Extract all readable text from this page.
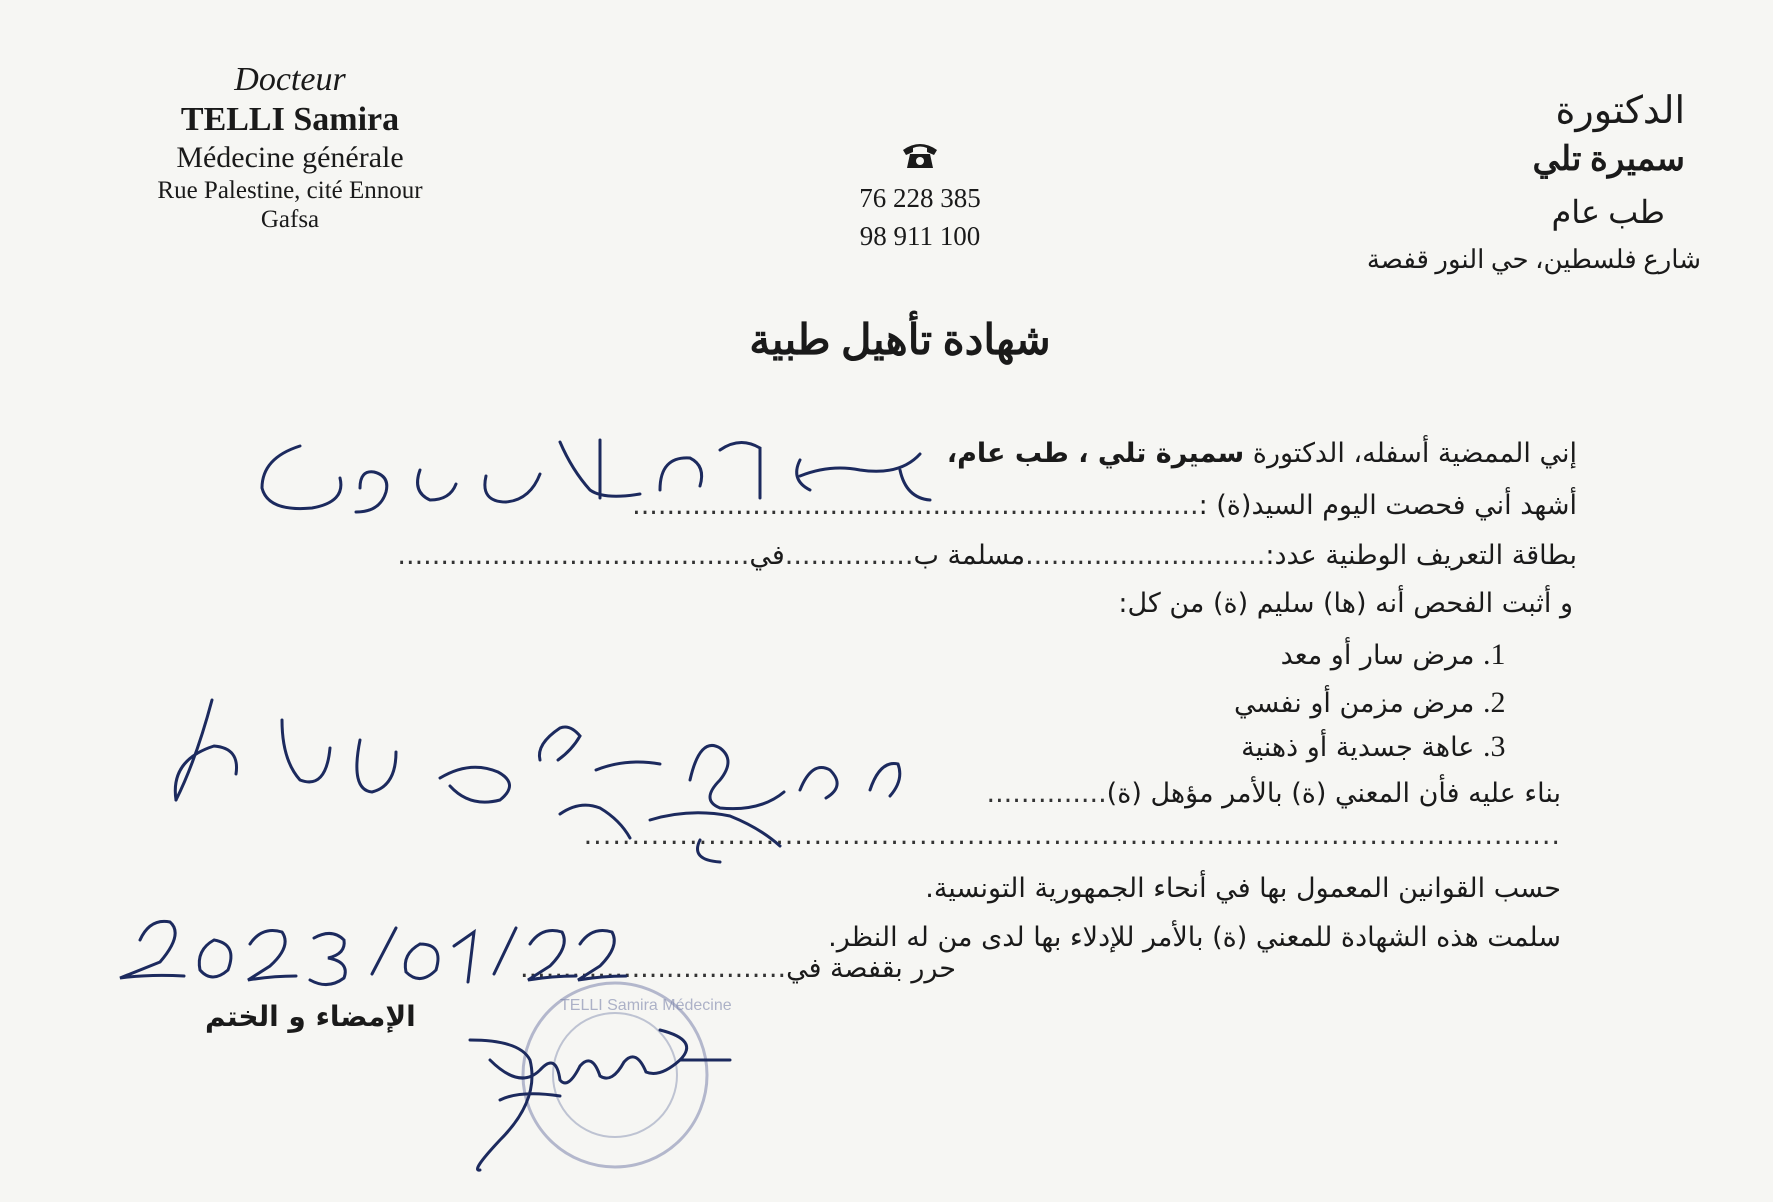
Docteur
TELLI Samira
Médecine générale
Rue Palestine, cité Ennour
Gafsa
76 228 385
98 911 100
الدكتورة
سميرة تلي
طب عام
شارع فلسطين، حي النور قفصة
شهادة تأهيل طبية
إني الممضية أسفله، الدكتورة سميرة تلي ، طب عام،
أشهد أني فحصت اليوم السيد(ة) :..................................................................
بطاقة التعريف الوطنية عدد:............................مسلمة ب...............في.........................................
و أثبت الفحص أنه (ها) سليم (ة) من كل:
1. مرض سار أو معد
2. مرض مزمن أو نفسي
3. عاهة جسدية أو ذهنية
بناء عليه فأن المعني (ة) بالأمر مؤهل (ة)..............
......................................................................................................
حسب القوانين المعمول بها في أنحاء الجمهورية التونسية.
سلمت هذه الشهادة للمعني (ة) بالأمر للإدلاء بها لدى من له النظر.
حرر بقفصة في...............................
الإمضاء و الختم	TELLI Samira Médecine
